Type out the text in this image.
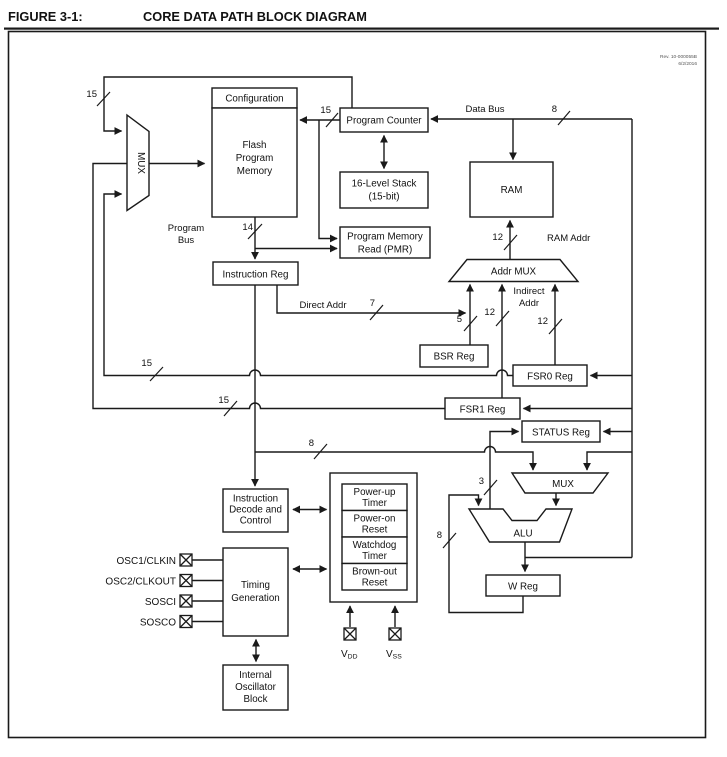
FIGURE 3-1:	CORE DATA PATH BLOCK DIAGRAM
Rev. 10-000055B
6/2/2016
Configuration
Flash
Program
Memory
MUX
Program Counter
16-Level Stack
(15-bit)
RAM
Program Memory
Read (PMR)
Instruction Reg	Addr MUX
BSR Reg
FSR0 Reg
FSR1 Reg
STATUS Reg
MUX
ALU
W Reg
Instruction
Decode and
Control
Power-up
Timer
Power-on
Reset
Watchdog
Timer
Brown-out
Reset
Timing
Generation
Internal
Oscillator
Block
OSC1/CLKIN
OSC2/CLKOUT
SOSCI
SOSCO
VDD	VSS
15
15	8
14
15
15
7
5
12
12
12
8
3
8
Data Bus
RAM Addr
Program
Bus
Direct Addr
Indirect
Addr
